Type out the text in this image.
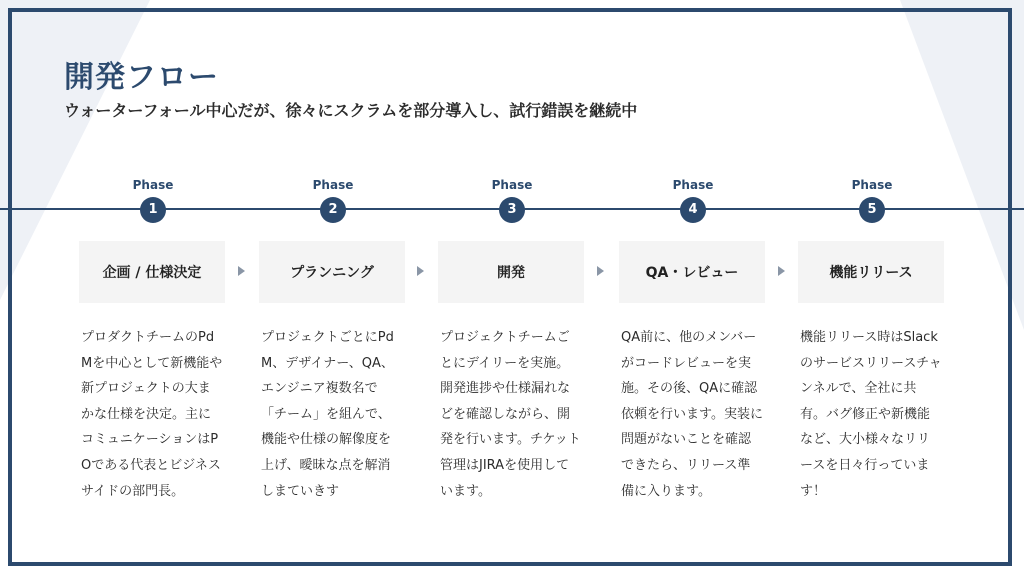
開発フロー
ウォーターフォール中心だが、徐々にスクラムを部分導入し、試行錯誤を継続中
Phase
1
企画 / 仕様決定
プロダクトチームのPdMを中心として新機能や新プロジェクトの大まかな仕様を決定。主にコミュニケーションはPOである代表とビジネスサイドの部門長。
Phase
2
プランニング
プロジェクトごとにPdM、デザイナー、QA、エンジニア複数名で「チーム」を組んで、機能や仕様の解像度を上げ、曖昧な点を解消しまていきす
Phase
3
開発
プロジェクトチームごとにデイリーを実施。開発進捗や仕様漏れなどを確認しながら、開発を行います。チケット管理はJIRAを使用しています。
Phase
4
QA・レビュー
QA前に、他のメンバーがコードレビューを実施。その後、QAに確認依頼を行います。実装に問題がないことを確認できたら、リリース準備に入ります。
Phase
5
機能リリース
機能リリース時はSlackのサービスリリースチャンネルで、全社に共有。バグ修正や新機能など、大小様々なリリースを日々行っています！
